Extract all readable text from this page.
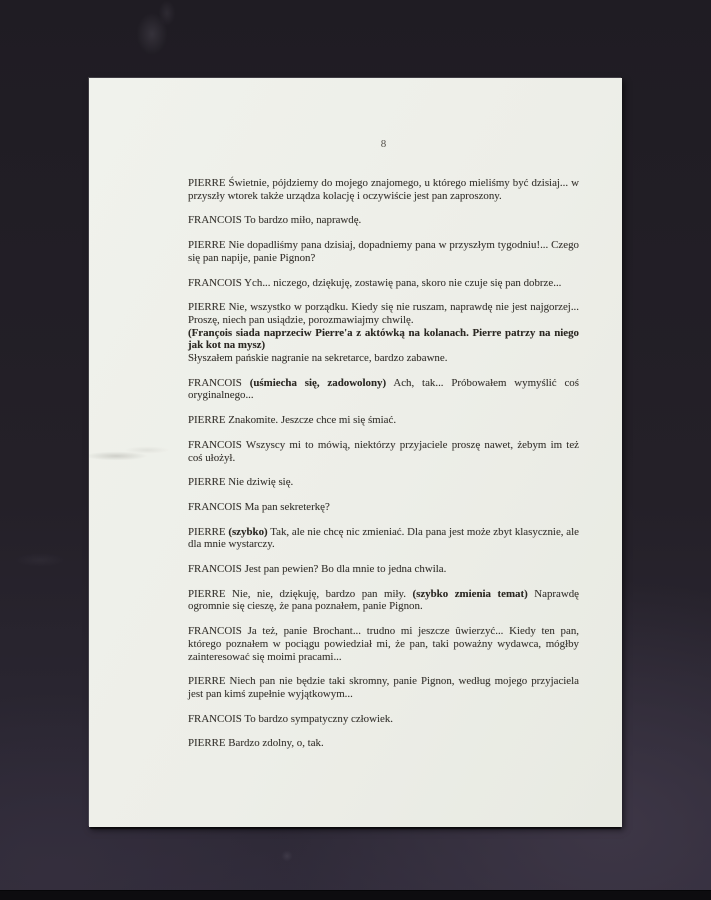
8

PIERRE Świetnie, pójdziemy do mojego znajomego, u którego mieliśmy być dzisiaj... w przyszły wtorek także urządza kolację i oczywiście jest pan zaproszony.

FRANCOIS To bardzo miło, naprawdę.

PIERRE Nie dopadliśmy pana dzisiaj, dopadniemy pana w przyszłym tygodniu!... Czego się pan napije, panie Pignon?

FRANCOIS Ych... niczego, dziękuję, zostawię pana, skoro nie czuje się pan dobrze...

PIERRE Nie, wszystko w porządku. Kiedy się nie ruszam, naprawdę nie jest najgorzej... Proszę, niech pan usiądzie, porozmawiajmy chwilę.
(François siada naprzeciw Pierre'a z aktówką na kolanach. Pierre patrzy na niego jak kot na mysz)
Słyszałem pańskie nagranie na sekretarce, bardzo zabawne.

FRANCOIS (uśmiecha się, zadowolony) Ach, tak... Próbowałem wymyślić coś oryginalnego...

PIERRE Znakomite. Jeszcze chce mi się śmiać.

FRANCOIS Wszyscy mi to mówią, niektórzy przyjaciele proszę nawet, żebym im też coś ułożył.

PIERRE Nie dziwię się.

FRANCOIS Ma pan sekreterkę?

PIERRE (szybko) Tak, ale nie chcę nic zmieniać. Dla pana jest może zbyt klasycznie, ale dla mnie wystarczy.

FRANCOIS Jest pan pewien? Bo dla mnie to jedna chwila.

PIERRE Nie, nie, dziękuję, bardzo pan miły. (szybko zmienia temat) Naprawdę ogromnie się cieszę, że pana poznałem, panie Pignon.

FRANCOIS Ja też, panie Brochant... trudno mi jeszcze ûwierzyć... Kiedy ten pan, którego poznałem w pociągu powiedział mi, że pan, taki poważny wydawca, mógłby zainteresować się moimi pracami...

PIERRE Niech pan nie będzie taki skromny, panie Pignon, według mojego przyjaciela jest pan kimś zupełnie wyjątkowym...

FRANCOIS To bardzo sympatyczny człowiek.

PIERRE Bardzo zdolny, o, tak.
